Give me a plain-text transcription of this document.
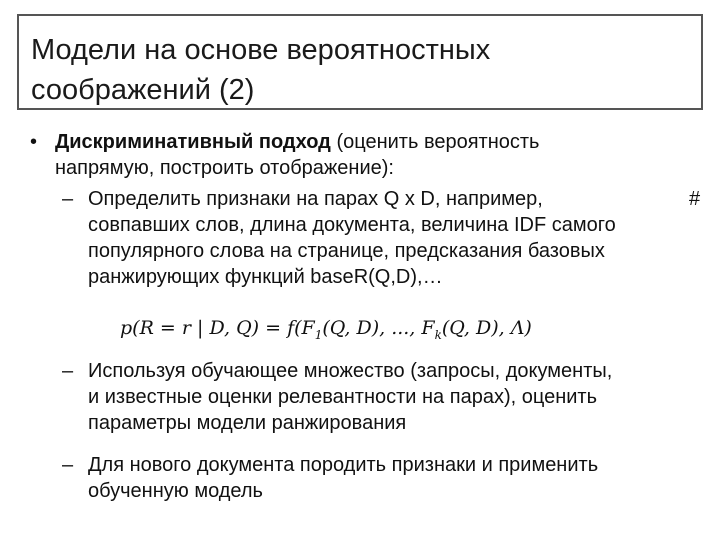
Модели на основе вероятностных
соображений (2)
• Дискриминативный подход (оценить вероятность
напрямую, построить отображение):
– Определить признаки на парах Q x D, например,	#
совпавших слов, длина документа, величина IDF самого
популярного слова на странице, предсказания базовых
ранжирующих функций baseR(Q,D),…
p(R = r | D, $Q) = f(F_1(Q$, D), ..., $F_k(Q$, D), Λ)
– Используя обучающее множество (запросы, документы,
и известные оценки релевантности на парах), оценить
параметры модели ранжирования
– Для нового документа породить признаки и применить
обученную модель
